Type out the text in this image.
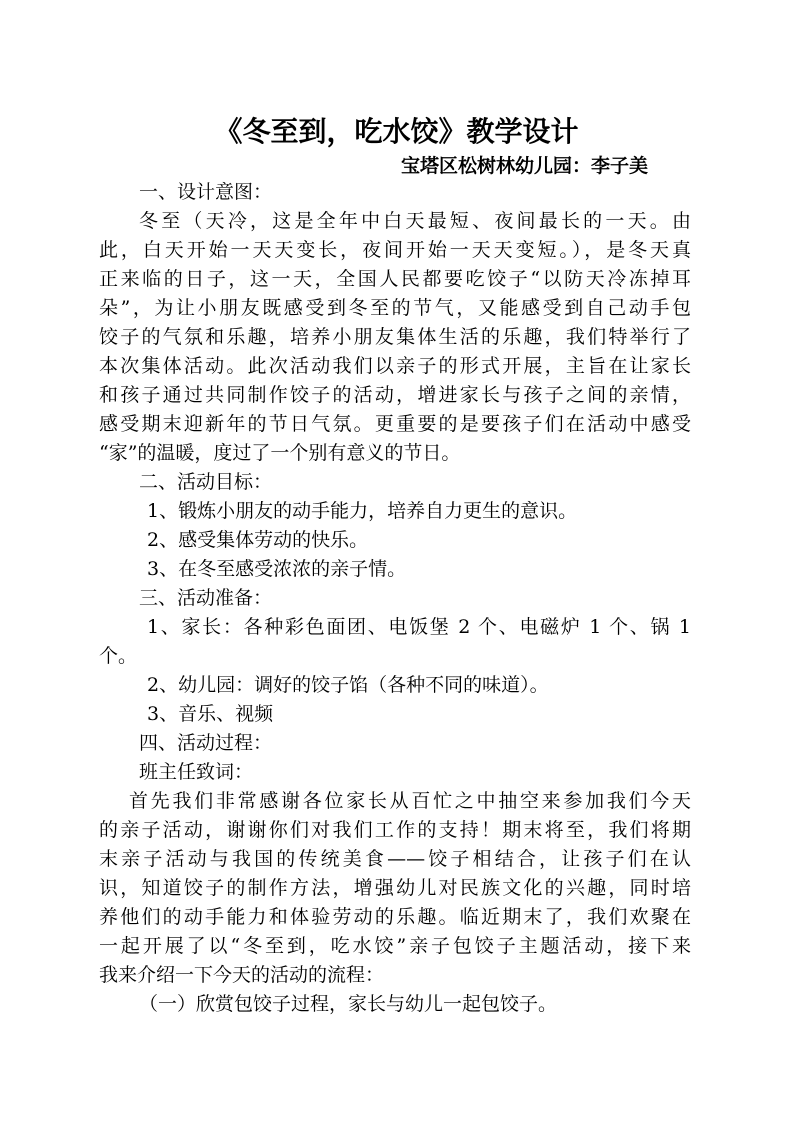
《冬至到，吃水饺》教学设计
宝塔区松树林幼儿园：李子美
一、设计意图：
冬至（天冷，这是全年中白天最短、夜间最长的一天。由
此，白天开始一天天变长，夜间开始一天天变短。），是冬天真
正来临的日子，这一天，全国人民都要吃饺子“以防天冷冻掉耳
朵”，为让小朋友既感受到冬至的节气，又能感受到自己动手包
饺子的气氛和乐趣，培养小朋友集体生活的乐趣，我们特举行了
本次集体活动。此次活动我们以亲子的形式开展，主旨在让家长
和孩子通过共同制作饺子的活动，增进家长与孩子之间的亲情，
感受期末迎新年的节日气氛。更重要的是要孩子们在活动中感受
“家”的温暖，度过了一个别有意义的节日。
二、活动目标：
1、锻炼小朋友的动手能力，培养自力更生的意识。
2、感受集体劳动的快乐。
3、在冬至感受浓浓的亲子情。
三、活动准备：
1、家长：各种彩色面团、电饭堡 2 个、电磁炉 1 个、锅 1
个。
2、幼儿园：调好的饺子馅（各种不同的味道）。
3、音乐、视频
四、活动过程：
班主任致词：
首先我们非常感谢各位家长从百忙之中抽空来参加我们今天
的亲子活动，谢谢你们对我们工作的支持！期末将至，我们将期
末亲子活动与我国的传统美食——饺子相结合，让孩子们在认
识，知道饺子的制作方法，增强幼儿对民族文化的兴趣，同时培
养他们的动手能力和体验劳动的乐趣。临近期末了，我们欢聚在
一起开展了以“冬至到，吃水饺”亲子包饺子主题活动，接下来
我来介绍一下今天的活动的流程：
（一）欣赏包饺子过程，家长与幼儿一起包饺子。
